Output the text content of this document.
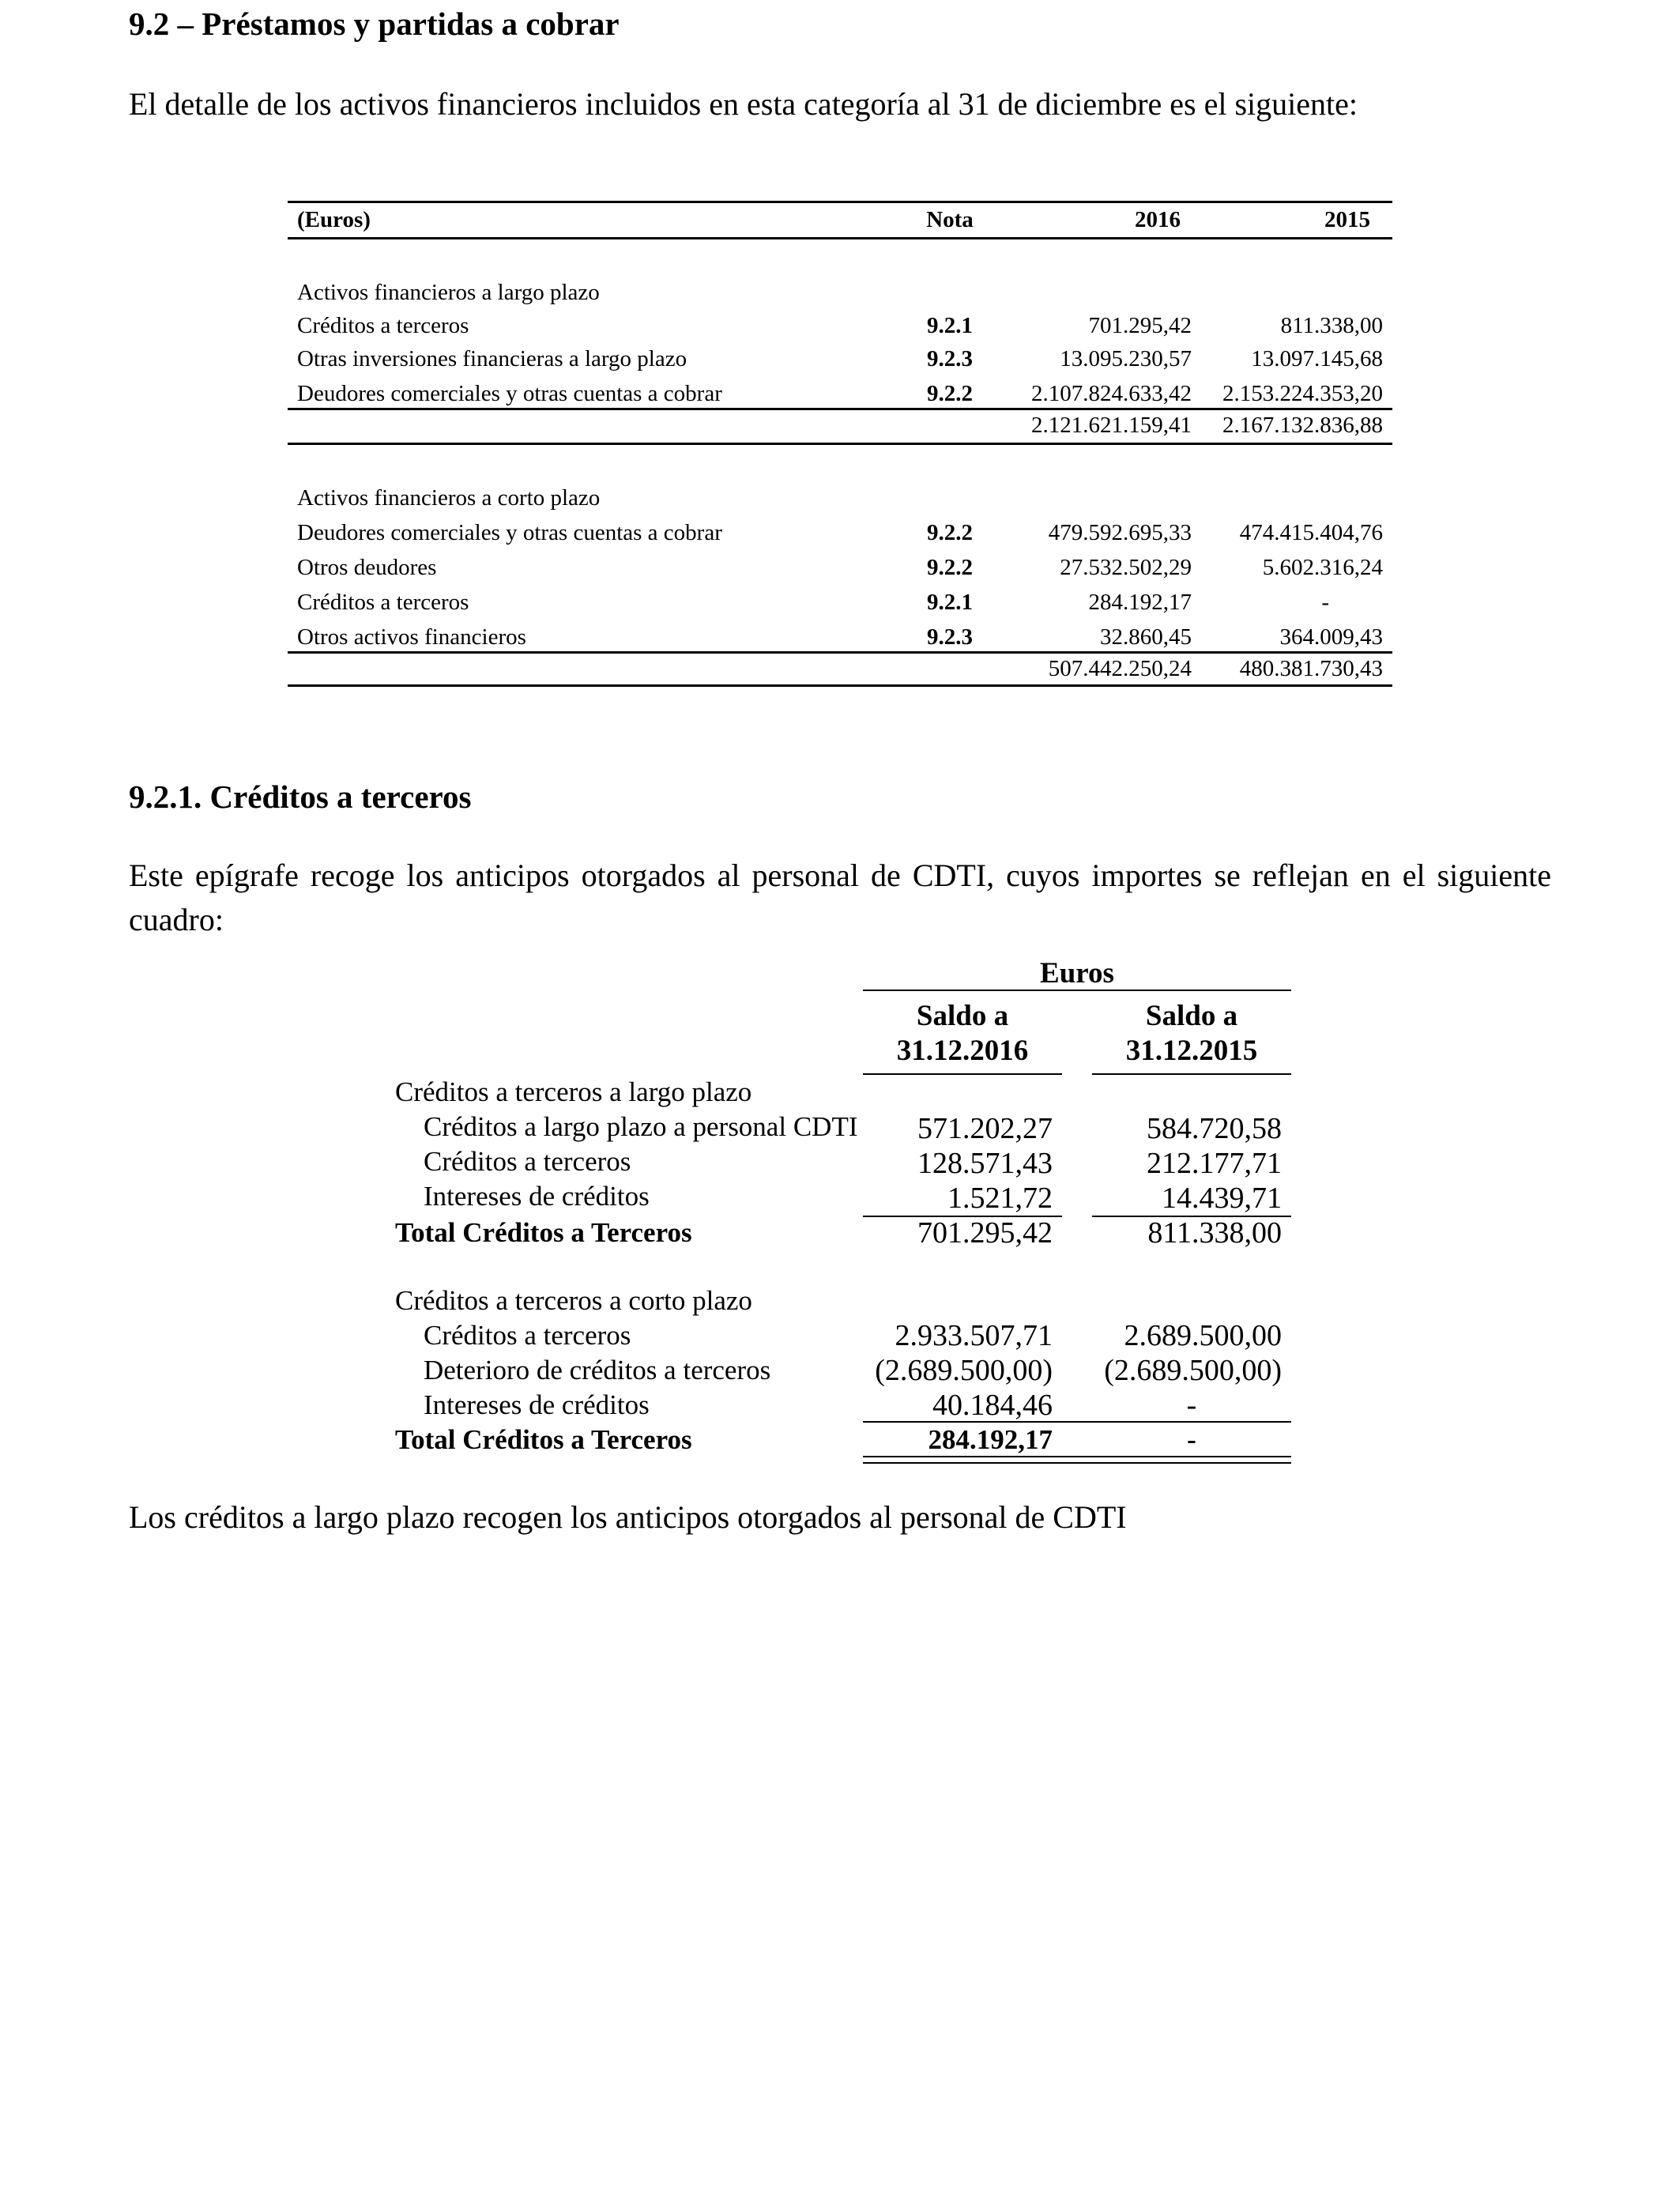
9.2 – Préstamos y partidas a cobrar
El detalle de los activos financieros incluidos en esta categoría al 31 de diciembre es el siguiente:
(Euros)	Nota	2016	2015
Activos financieros a largo plazo
Créditos a terceros	9.2.1	701.295,42	811.338,00
Otras inversiones financieras a largo plazo	9.2.3	13.095.230,57	13.097.145,68
Deudores comerciales y otras cuentas a cobrar	9.2.2	2.107.824.633,42 2.153.224.353,20
2.121.621.159,41 2.167.132.836,88
Activos financieros a corto plazo
Deudores comerciales y otras cuentas a cobrar	9.2.2	479.592.695,33 474.415.404,76
Otros deudores	9.2.2	27.532.502,29	5.602.316,24
Créditos a terceros	9.2.1	284.192,17	-
Otros activos financieros	9.2.3	32.860,45	364.009,43
507.442.250,24 480.381.730,43
9.2.1. Créditos a terceros
Este epígrafe recoge los anticipos otorgados al personal de CDTI, cuyos importes se reflejan en el siguiente cuadro:
Euros
Saldo a
31.12.2016
Saldo a
31.12.2015
Créditos a terceros a largo plazo
Créditos a largo plazo a personal CDTI	571.202,27	584.720,58
Créditos a terceros	128.571,43	212.177,71
Intereses de créditos	1.521,72	14.439,71
Total Créditos a Terceros	701.295,42	811.338,00
Créditos a terceros a corto plazo
Créditos a terceros	2.933.507,71	2.689.500,00
Deterioro de créditos a terceros	(2.689.500,00)	(2.689.500,00)
Intereses de créditos	40.184,46	-
Total Créditos a Terceros	284.192,17	-
Los créditos a largo plazo recogen los anticipos otorgados al personal de CDTI
